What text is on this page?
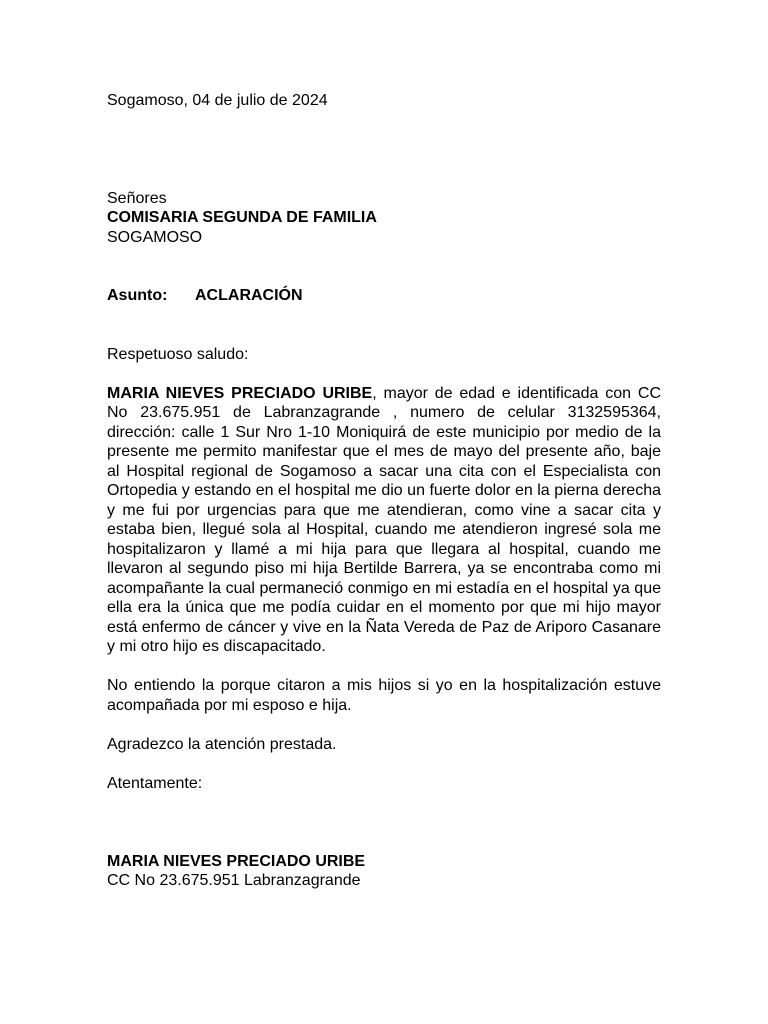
Sogamoso, 04 de julio de 2024

Señores

COMISARIA SEGUNDA DE FAMILIA

SOGAMOSO

Asunto: ACLARACIÓN

Respetuoso saludo:

MARIA NIEVES PRECIADO URIBE, mayor de edad e identificada con CC No 23.675.951 de Labranzagrande , numero de celular 3132595364, dirección: calle 1 Sur Nro 1-10 Moniquirá de este municipio por medio de la presente me permito manifestar que el mes de mayo del presente año, baje al Hospital regional de Sogamoso a sacar una cita con el Especialista con Ortopedia y estando en el hospital me dio un fuerte dolor en la pierna derecha y me fui por urgencias para que me atendieran, como vine a sacar cita y estaba bien, llegué sola al Hospital, cuando me atendieron ingresé sola me hospitalizaron y llamé a mi hija para que llegara al hospital, cuando me llevaron al segundo piso mi hija Bertilde Barrera, ya se encontraba como mi acompañante la cual permaneció conmigo en mi estadía en el hospital ya que ella era la única que me podía cuidar en el momento por que mi hijo mayor está enfermo de cáncer y vive en la Ñata Vereda de Paz de Ariporo Casanare y mi otro hijo es discapacitado.

No entiendo la porque citaron a mis hijos si yo en la hospitalización estuve acompañada por mi esposo e hija.

Agradezco la atención prestada.

Atentamente:

MARIA NIEVES PRECIADO URIBE

CC No 23.675.951 Labranzagrande
